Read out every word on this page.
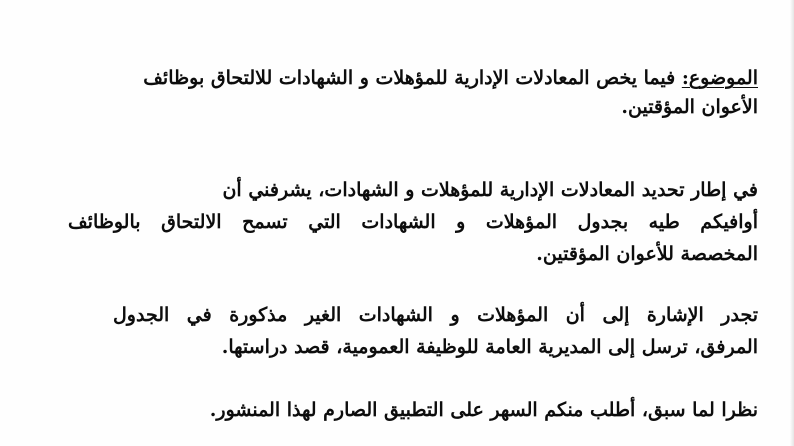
الموضوع: فيما يخص المعادلات الإدارية للمؤهلات و الشهادات للالتحاق بوظائف
الأعوان المؤقتين.
في إطار تحديد المعادلات الإدارية للمؤهلات و الشهادات، يشرفني أن
أوافيكم طيه بجدول المؤهلات و الشهادات التي تسمح الالتحاق بالوظائف
المخصصة للأعوان المؤقتين.
تجدر الإشارة إلى أن المؤهلات و الشهادات الغير مذكورة في الجدول
المرفق، ترسل إلى المديرية العامة للوظيفة العمومية، قصد دراستها.
نظرا لما سبق، أطلب منكم السهر على التطبيق الصارم لهذا المنشور.
